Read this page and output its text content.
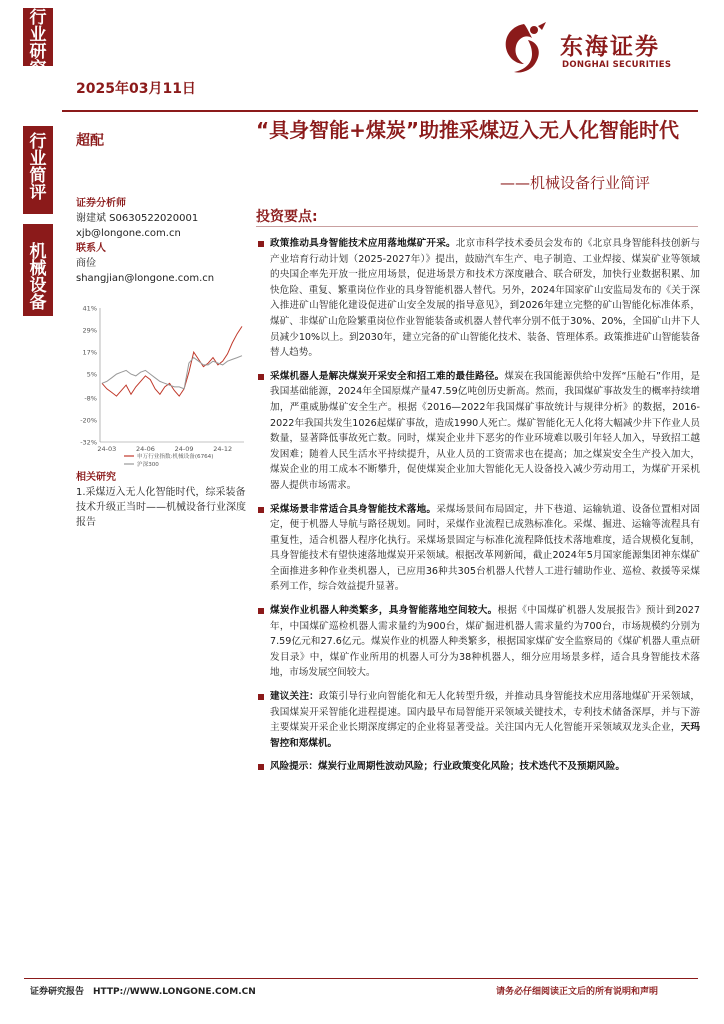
行
业
研
究
行
业
简
评
机
械
设
备
2025年03月11日
东海证券
DONGHAI SECURITIES
超配	“具身智能+煤炭”助推采煤迈入无人化智能时代
——机械设备行业简评
证券分析师
谢建斌 S0630522020001
xjb@longone.com.cn
联系人
商俭
shangjian@longone.com.cn
41%
29%
17%
5%
-8%
-20%
-32%
24-03	24-06	24-09	24-12
申万行业指数:机械设备(6764)
沪深300
相关研究
1.采煤迈入无人化智能时代，综采装备技术升级正当时——机械设备行业深度报告
投资要点:
政策推动具身智能技术应用落地煤矿开采。北京市科学技术委员会发布的《北京具身智能科技创新与产业培育行动计划（2025-2027年）》提出，鼓励汽车生产、电子制造、工业焊接、煤炭矿业等领域的央国企率先开放一批应用场景，促进场景方和技术方深度融合、联合研发，加快行业数据积累、加快危险、重复、繁重岗位作业的具身智能机器人替代。另外，2024年国家矿山安监局发布的《关于深入推进矿山智能化建设促进矿山安全发展的指导意见》，到2026年建立完整的矿山智能化标准体系，煤矿、非煤矿山危险繁重岗位作业智能装备或机器人替代率分别不低于30%、20%，全国矿山井下人员减少10%以上。到2030年，建立完备的矿山智能化技术、装备、管理体系。政策推进矿山智能装备替人趋势。
采煤机器人是解决煤炭开采安全和招工难的最佳路径。煤炭在我国能源供给中发挥“压舱石”作用，是我国基础能源，2024年全国原煤产量47.59亿吨创历史新高。然而，我国煤矿事故发生的概率持续增加，严重威胁煤矿安全生产。根据《2016—2022年我国煤矿事故统计与规律分析》的数据，2016-2022年我国共发生1026起煤矿事故，造成1990人死亡。煤矿智能化无人化将大幅减少井下作业人员数量，显著降低事故死亡数。同时，煤炭企业井下恶劣的作业环境难以吸引年轻人加入，导致招工越发困难；随着人民生活水平持续提升，从业人员的工资需求也在提高；加之煤炭安全生产投入加大，煤炭企业的用工成本不断攀升，促使煤炭企业加大智能化无人设备投入减少劳动用工，为煤矿开采机器人提供市场需求。
采煤场景非常适合具身智能技术落地。采煤场景间布局固定，井下巷道、运输轨道、设备位置相对固定，便于机器人导航与路径规划。同时，采煤作业流程已成熟标准化。采煤、掘进、运输等流程具有重复性，适合机器人程序化执行。采煤场景固定与标准化流程降低技术落地难度，适合规模化复制，具身智能技术有望快速落地煤炭开采领域。根据改革网新闻，截止2024年5月国家能源集团神东煤矿全面推进多种作业类机器人，已应用36种共305台机器人代替人工进行辅助作业、巡检、救援等采煤系列工作，综合效益提升显著。
煤炭作业机器人种类繁多，具身智能落地空间较大。根据《中国煤矿机器人发展报告》预计到2027年，中国煤矿巡检机器人需求量约为900台，煤矿掘进机器人需求量约为700台，市场规模约分别为7.59亿元和27.6亿元。煤炭作业的机器人种类繁多，根据国家煤矿安全监察局的《煤矿机器人重点研发目录》中，煤矿作业所用的机器人可分为38种机器人，细分应用场景多样，适合具身智能技术落地，市场发展空间较大。
建议关注：政策引导行业向智能化和无人化转型升级，并推动具身智能技术应用落地煤矿开采领域，我国煤炭开采智能化进程提速。国内最早布局智能开采领域关键技术，专利技术储备深厚，并与下游主要煤炭开采企业长期深度绑定的企业将显著受益。关注国内无人化智能开采领域双龙头企业，天玛智控和郑煤机。
风险提示：煤炭行业周期性波动风险；行业政策变化风险；技术迭代不及预期风险。
证券研究报告　HTTP://WWW.LONGONE.COM.CN	请务必仔细阅读正文后的所有说明和声明
